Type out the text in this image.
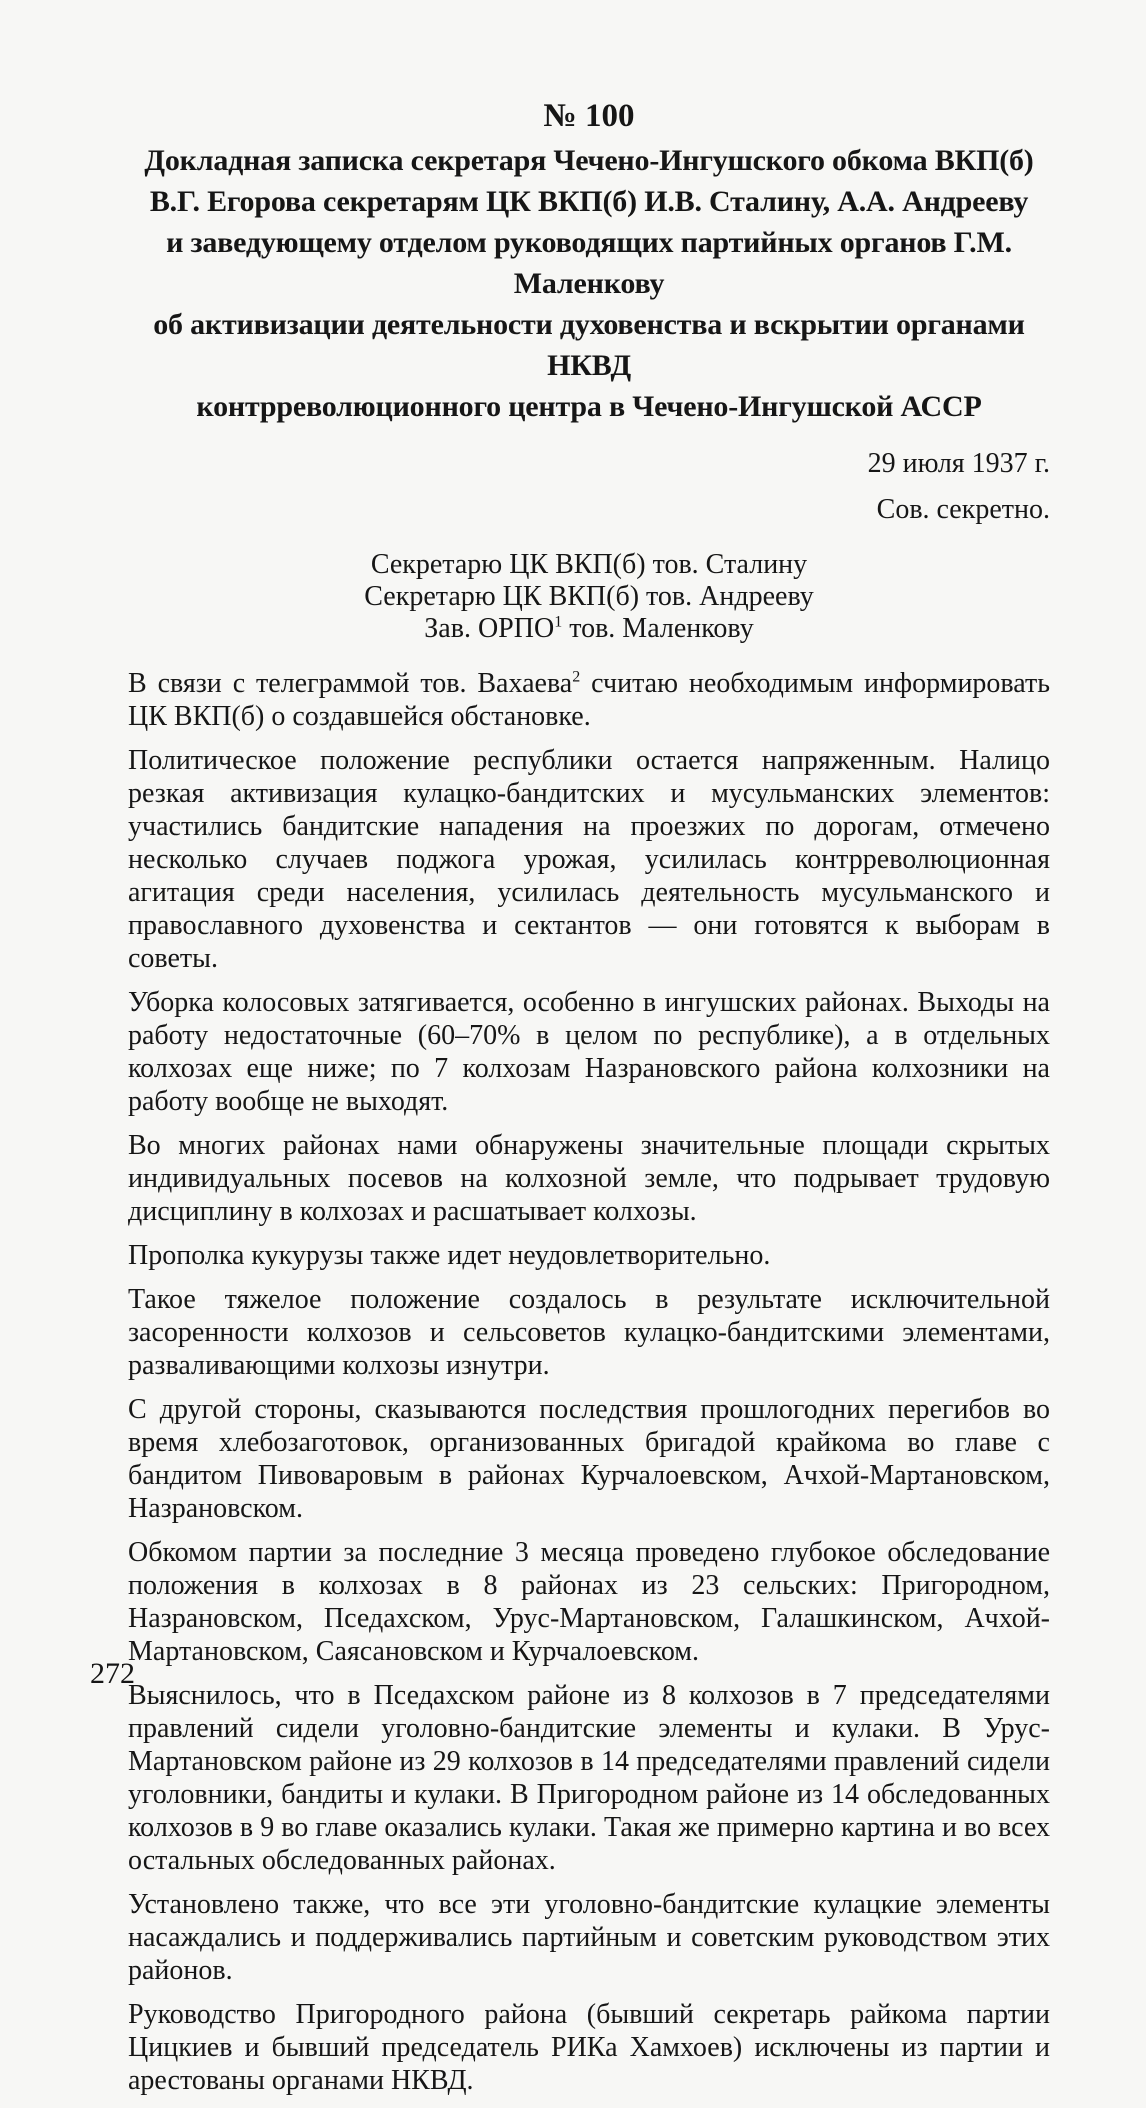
№ 100
Докладная записка секретаря Чечено-Ингушского обкома ВКП(б)
В.Г. Егорова секретарям ЦК ВКП(б) И.В. Сталину, А.А. Андрееву
и заведующему отделом руководящих партийных органов Г.М. Маленкову
об активизации деятельности духовенства и вскрытии органами НКВД
контрреволюционного центра в Чечено-Ингушской АССР

29 июля 1937 г.

Сов. секретно.

Секретарю ЦК ВКП(б) тов. Сталину
Секретарю ЦК ВКП(б) тов. Андрееву
Зав. ОРПО$^1$ тов. Маленкову

В связи с телеграммой тов. Вахаева$^2$ считаю необходимым информировать ЦК ВКП(б) о создавшейся обстановке.

Политическое положение республики остается напряженным. Налицо резкая активизация кулацко-бандитских и мусульманских элементов: участились бандитские нападения на проезжих по дорогам, отмечено несколько случаев поджога урожая, усилилась контрреволюционная агитация среди населения, усилилась деятельность мусульманского и православного духовенства и сектантов — они готовятся к выборам в советы.

Уборка колосовых затягивается, особенно в ингушских районах. Выходы на работу недостаточные (60–70% в целом по республике), а в отдельных колхозах еще ниже; по 7 колхозам Назрановского района колхозники на работу вообще не выходят.

Во многих районах нами обнаружены значительные площади скрытых индивидуальных посевов на колхозной земле, что подрывает трудовую дисциплину в колхозах и расшатывает колхозы.

Прополка кукурузы также идет неудовлетворительно.

Такое тяжелое положение создалось в результате исключительной засоренности колхозов и сельсоветов кулацко-бандитскими элементами, разваливающими колхозы изнутри.

С другой стороны, сказываются последствия прошлогодних перегибов во время хлебозаготовок, организованных бригадой крайкома во главе с бандитом Пивоваровым в районах Курчалоевском, Ачхой-Мартановском, Назрановском.

Обкомом партии за последние 3 месяца проведено глубокое обследование положения в колхозах в 8 районах из 23 сельских: Пригородном, Назрановском, Пседахском, Урус-Мартановском, Галашкинском, Ачхой-Мартановском, Саясановском и Курчалоевском.

Выяснилось, что в Пседахском районе из 8 колхозов в 7 председателями правлений сидели уголовно-бандитские элементы и кулаки. В Урус-Мартановском районе из 29 колхозов в 14 председателями правлений сидели уголовники, бандиты и кулаки. В Пригородном районе из 14 обследованных колхозов в 9 во главе оказались кулаки. Такая же примерно картина и во всех остальных обследованных районах.

Установлено также, что все эти уголовно-бандитские кулацкие элементы насаждались и поддерживались партийным и советским руководством этих районов.

Руководство Пригородного района (бывший секретарь райкома партии Цицкиев и бывший председатель РИКа Хамхоев) исключены из партии и арестованы органами НКВД.

272
